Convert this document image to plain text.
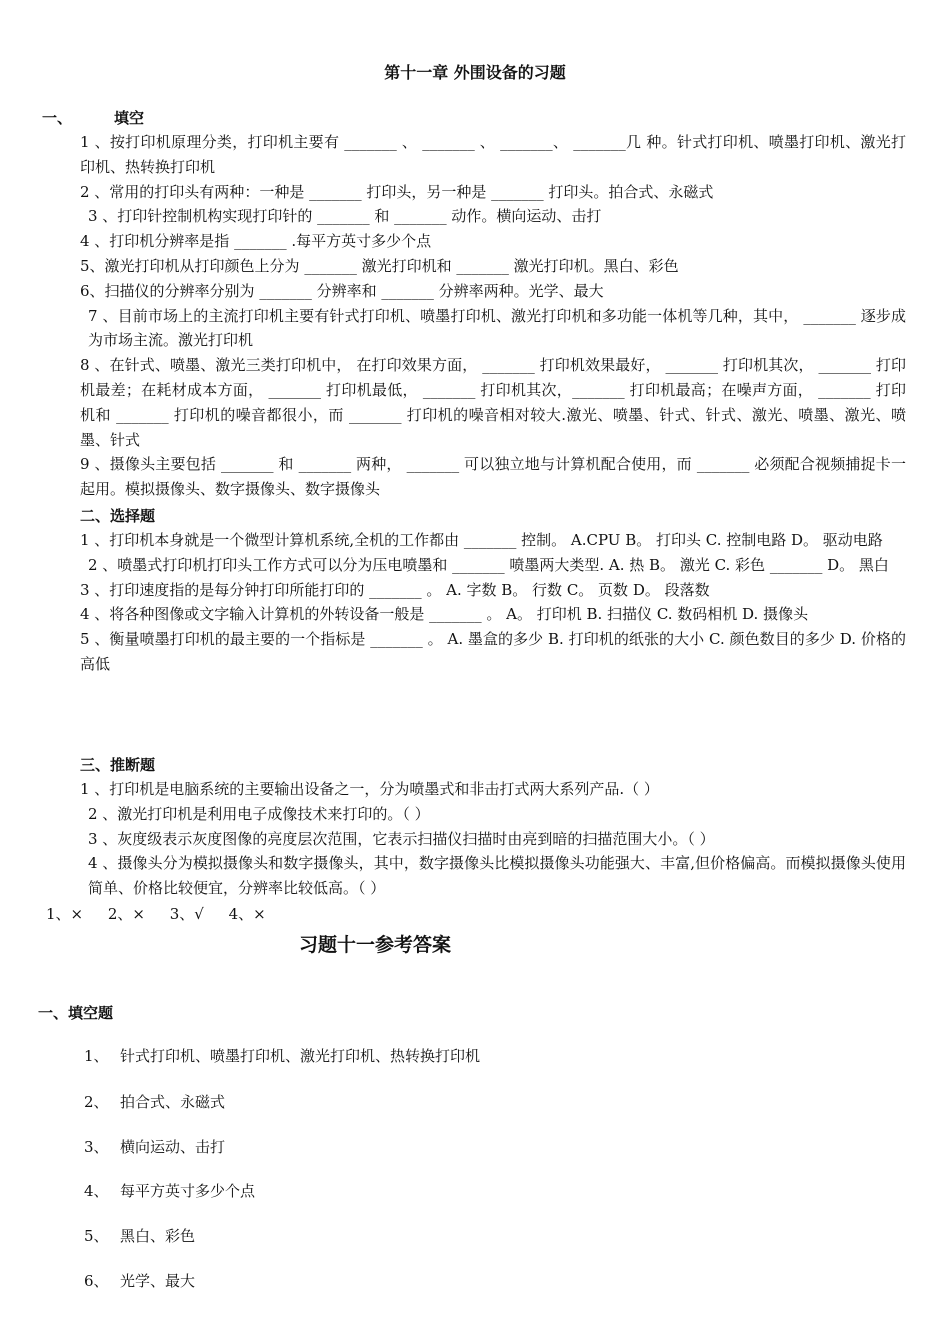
第十一章 外围设备的习题
一、	填空

1 、按打印机原理分类，打印机主要有 _______ 、 _______ 、 _______、 _______几 种。针式打印机、喷墨打印机、激光打印机、热转换打印机

2 、常用的打印头有两种：一种是 _______ 打印头，另一种是 _______ 打印头。拍合式、永磁式

3 、打印针控制机构实现打印针的 _______ 和 _______ 动作。横向运动、击打

4 、打印机分辨率是指 _______ .每平方英寸多少个点

5、激光打印机从打印颜色上分为 _______ 激光打印机和 _______ 激光打印机。黑白、彩色

6、扫描仪的分辨率分别为 _______ 分辨率和 _______ 分辨率两种。光学、最大

7 、目前市场上的主流打印机主要有针式打印机、喷墨打印机、激光打印机和多功能一体机等几种，其中， _______ 逐步成为市场主流。激光打印机

8 、在针式、喷墨、激光三类打印机中， 在打印效果方面， _______ 打印机效果最好， _______ 打印机其次， _______ 打印机最差；在耗材成本方面， _______ 打印机最低， _______ 打印机其次，_______ 打印机最高；在噪声方面， _______ 打印机和 _______ 打印机的噪音都很小，而 _______ 打印机的噪音相对较大.激光、喷墨、针式、针式、激光、喷墨、激光、喷墨、针式

9 、摄像头主要包括 _______ 和 _______ 两种， _______ 可以独立地与计算机配合使用，而 _______ 必须配合视频捕捉卡一起用。模拟摄像头、数字摄像头、数字摄像头

二、选择题

1 、打印机本身就是一个微型计算机系统,全机的工作都由 _______ 控制。 A.CPU B。 打印头 C. 控制电路 D。 驱动电路

2 、喷墨式打印机打印头工作方式可以分为压电喷墨和 _______ 喷墨两大类型. A. 热 B。 激光 C. 彩色 _______ D。 黑白

3 、打印速度指的是每分钟打印所能打印的 _______ 。 A. 字数 B。 行数 C。 页数 D。 段落数

4 、将各种图像或文字输入计算机的外转设备一般是 _______ 。 A。 打印机 B. 扫描仪 C. 数码相机 D. 摄像头

5 、衡量喷墨打印机的最主要的一个指标是 _______ 。 A. 墨盒的多少 B. 打印机的纸张的大小 C. 颜色数目的多少 D. 价格的高低

三、推断题

1 、打印机是电脑系统的主要输出设备之一，分为喷墨式和非击打式两大系列产品.（ ）

2 、激光打印机是利用电子成像技术来打印的。（ ）

3 、灰度级表示灰度图像的亮度层次范围，它表示扫描仪扫描时由亮到暗的扫描范围大小。（ ）

4 、摄像头分为模拟摄像头和数字摄像头，其中，数字摄像头比模拟摄像头功能强大、丰富,但价格偏高。而模拟摄像头使用简单、价格比较便宜，分辨率比较低高。（ ）

1、× 2、× 3、√ 4、×
习题十一参考答案
一、填空题
1、 针式打印机、喷墨打印机、激光打印机、热转换打印机
2、 拍合式、永磁式
3、 横向运动、击打
4、 每平方英寸多少个点
5、 黑白、彩色
6、 光学、最大
